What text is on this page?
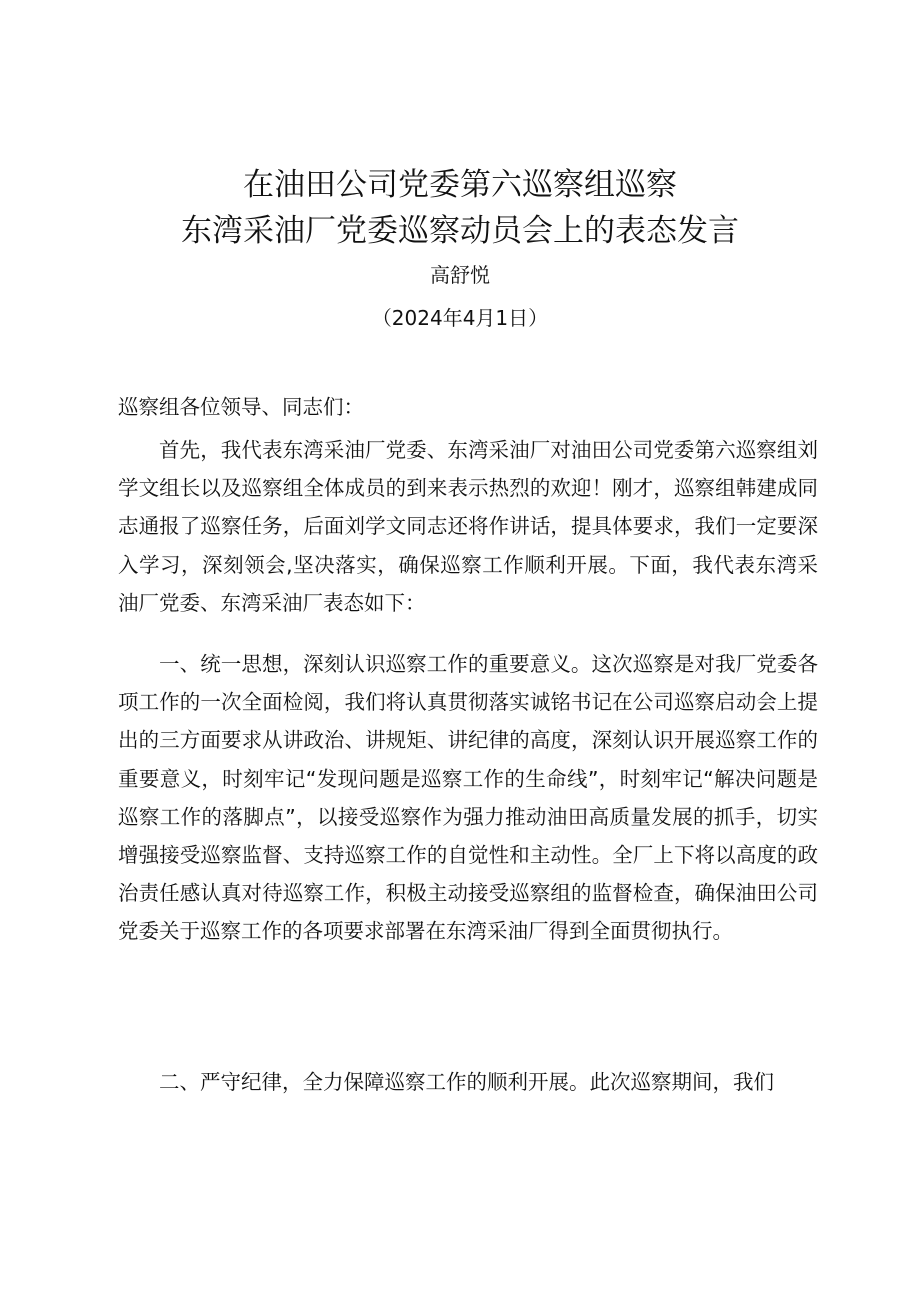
在油田公司党委第六巡察组巡察
东湾采油厂党委巡察动员会上的表态发言
高舒悦
（2024年4月1日）
巡察组各位领导、同志们：

首先，我代表东湾采油厂党委、东湾采油厂对油田公司党委第六巡察组刘学文组长以及巡察组全体成员的到来表示热烈的欢迎！刚才，巡察组韩建成同志通报了巡察任务，后面刘学文同志还将作讲话，提具体要求，我们一定要深入学习，深刻领会,坚决落实，确保巡察工作顺利开展。下面，我代表东湾采油厂党委、东湾采油厂表态如下：

一、统一思想，深刻认识巡察工作的重要意义。这次巡察是对我厂党委各项工作的一次全面检阅，我们将认真贯彻落实诚铭书记在公司巡察启动会上提出的三方面要求从讲政治、讲规矩、讲纪律的高度，深刻认识开展巡察工作的重要意义，时刻牢记“发现问题是巡察工作的生命线”，时刻牢记“解决问题是巡察工作的落脚点”，以接受巡察作为强力推动油田高质量发展的抓手，切实增强接受巡察监督、支持巡察工作的自觉性和主动性。全厂上下将以高度的政治责任感认真对待巡察工作，积极主动接受巡察组的监督检查，确保油田公司党委关于巡察工作的各项要求部署在东湾采油厂得到全面贯彻执行。

二、严守纪律，全力保障巡察工作的顺利开展。此次巡察期间，我们
